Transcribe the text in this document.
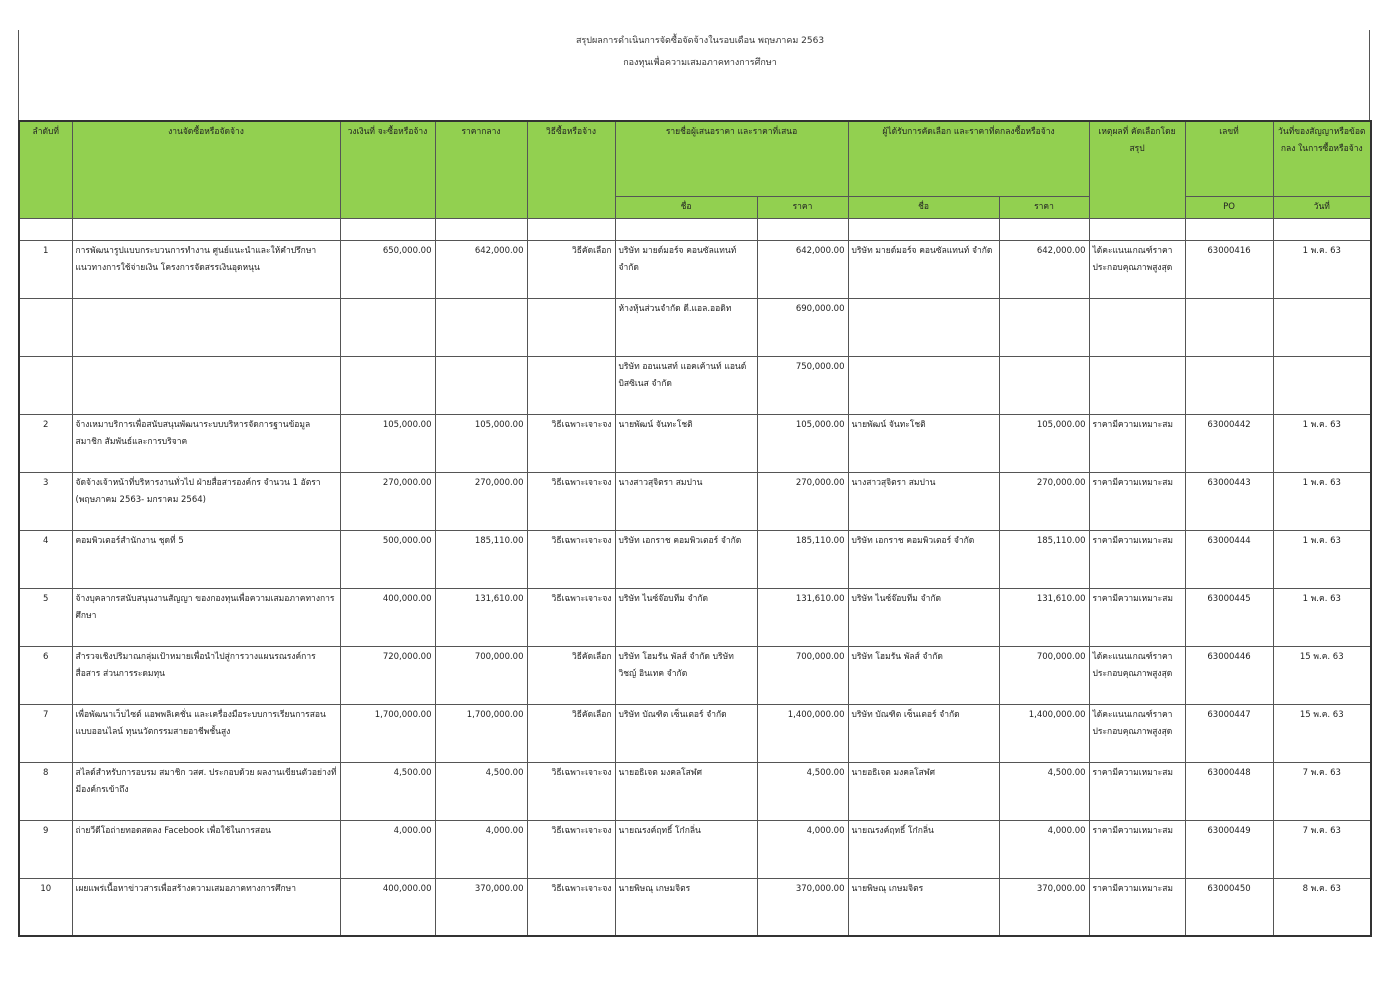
สรุปผลการดำเนินการจัดซื้อจัดจ้างในรอบเดือน พฤษภาคม 2563
กองทุนเพื่อความเสมอภาคทางการศึกษา
ลำดับที่	งานจัดซื้อหรือจัดจ้าง	วงเงินที่ จะซื้อหรือจ้าง	ราคากลาง	วิธีซื้อหรือจ้าง	รายชื่อผู้เสนอราคา และราคาที่เสนอ		ผู้ได้รับการคัดเลือก และราคาที่ตกลงซื้อหรือจ้าง		เหตุผลที่ คัดเลือกโดยสรุป	เลขที่	วันที่ของสัญญาหรือข้อต กลง ในการซื้อหรือจ้าง
					ชื่อ	ราคา	ชื่อ	ราคา		PO	วันที่

1	การพัฒนารูปแบบกระบวนการทำงาน ศูนย์แนะนำและให้คำปรึกษาแนวทางการใช้จ่ายเงิน โครงการจัดสรรเงินอุดหนุน	650,000.00	642,000.00	วิธีคัดเลือก	บริษัท มายด์มอร์จ คอนซัลแทนท์ จำกัด	642,000.00	บริษัท มายด์มอร์จ คอนซัลแทนท์ จำกัด	642,000.00	ได้คะแนนเกณฑ์ราคาประกอบคุณภาพสูงสุด	63000416	1 พ.ค. 63
					ห้างหุ้นส่วนจำกัด ดี.แอล.ออดิท	690,000.00					
					บริษัท ออนเนสท์ แอคเค้านท์ แอนด์ บิสซิเนส จำกัด	750,000.00					
2	จ้างเหมาบริการเพื่อสนับสนุนพัฒนาระบบบริหารจัดการฐานข้อมูลสมาชิก สัมพันธ์และการบริจาค	105,000.00	105,000.00	วิธีเฉพาะเจาะจง	นายพัฒน์ จันทะโชติ	105,000.00	นายพัฒน์ จันทะโชติ	105,000.00	ราคามีความเหมาะสม	63000442	1 พ.ค. 63
3	จัดจ้างเจ้าหน้าที่บริหารงานทั่วไป ฝ่ายสื่อสารองค์กร จำนวน 1 อัตรา (พฤษภาคม 2563- มกราคม 2564)	270,000.00	270,000.00	วิธีเฉพาะเจาะจง	นางสาวสุจิตรา สมปาน	270,000.00	นางสาวสุจิตรา สมปาน	270,000.00	ราคามีความเหมาะสม	63000443	1 พ.ค. 63
4	คอมพิวเตอร์สำนักงาน ชุดที่ 5	500,000.00	185,110.00	วิธีเฉพาะเจาะจง	บริษัท เอกราช คอมพิวเตอร์ จำกัด	185,110.00	บริษัท เอกราช คอมพิวเตอร์ จำกัด	185,110.00	ราคามีความเหมาะสม	63000444	1 พ.ค. 63
5	จ้างบุคลากรสนับสนุนงานสัญญา ของกองทุนเพื่อความเสมอภาคทางการศึกษา	400,000.00	131,610.00	วิธีเฉพาะเจาะจง	บริษัท ไนซ์จ๊อบทีม จำกัด	131,610.00	บริษัท ไนซ์จ๊อบทีม จำกัด	131,610.00	ราคามีความเหมาะสม	63000445	1 พ.ค. 63
6	สำรวจเชิงปริมาณกลุ่มเป้าหมายเพื่อนำไปสู่การวางแผนรณรงค์การสื่อสาร ส่วนการระดมทุน	720,000.00	700,000.00	วิธีคัดเลือก	บริษัท โฮมรัน พัลส์ จำกัด บริษัท วิชญ์ อินเทค จำกัด	700,000.00	บริษัท โฮมรัน พัลส์ จำกัด	700,000.00	ได้คะแนนเกณฑ์ราคาประกอบคุณภาพสูงสุด	63000446	15 พ.ค. 63
7	เพื่อพัฒนาเว็บไซต์ แอพพลิเคชั่น และเครื่องมือระบบการเรียนการสอนแบบออนไลน์ ทุนนวัตกรรมสายอาชีพชั้นสูง	1,700,000.00	1,700,000.00	วิธีคัดเลือก	บริษัท บัณฑิต เซ็นเตอร์ จำกัด	1,400,000.00	บริษัท บัณฑิต เซ็นเตอร์ จำกัด	1,400,000.00	ได้คะแนนเกณฑ์ราคาประกอบคุณภาพสูงสุด	63000447	15 พ.ค. 63
8	สไลด์สำหรับการอบรม สมาชิก วสศ. ประกอบด้วย ผลงานเขียนตัวอย่างที่มีองค์กรเข้าถึง	4,500.00	4,500.00	วิธีเฉพาะเจาะจง	นายอธิเจต มงคลโสฬศ	4,500.00	นายอธิเจต มงคลโสฬศ	4,500.00	ราคามีความเหมาะสม	63000448	7 พ.ค. 63
9	ถ่ายวีดีโอถ่ายทอดสดลง Facebook เพื่อใช้ในการสอน	4,000.00	4,000.00	วิธีเฉพาะเจาะจง	นายณรงค์ฤทธิ์ โก๋กลิ่น	4,000.00	นายณรงค์ฤทธิ์ โก๋กลิ่น	4,000.00	ราคามีความเหมาะสม	63000449	7 พ.ค. 63
10	เผยแพร่เนื้อหาข่าวสารเพื่อสร้างความเสมอภาคทางการศึกษา	400,000.00	370,000.00	วิธีเฉพาะเจาะจง	นายพิษณุ เกษมจิตร	370,000.00	นายพิษณุ เกษมจิตร	370,000.00	ราคามีความเหมาะสม	63000450	8 พ.ค. 63
